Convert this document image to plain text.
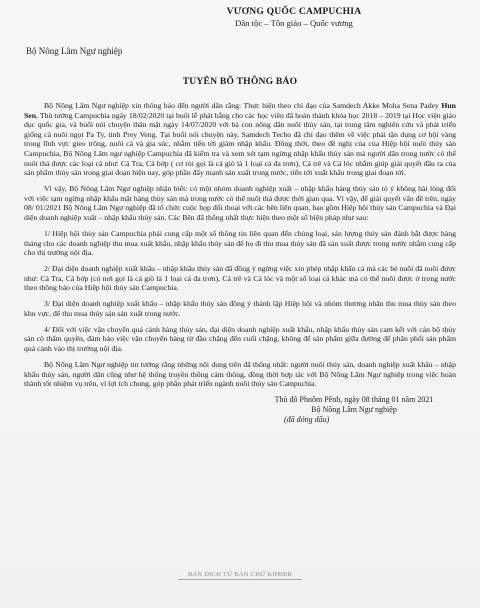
VƯƠNG QUỐC CAMPUCHIA
Dân tộc – Tôn giáo – Quốc vương
Bộ Nông Lâm Ngư nghiệp
TUYÊN BỐ THÔNG BÁO

Bộ Nông Lâm Ngư nghiệp xin thông báo đến người dân rằng: Thực hiện theo chỉ đạo của Samdech Akke Moha Sena Padey Hun Sen, Thủ tướng Campuchia ngày 18/02/2020 tại buổi lễ phát bằng cho các học viên đã hoàn thành khóa học 2018 – 2019 tại Học viện giáo dục quốc gia, và buổi nói chuyện thân mật ngày 14/07/2020 với bà con nông dân nuôi thủy sản, tại trung tâm nghiên cứu và phát triển giống cá nuôi ngọt Pa Ty, tỉnh Prey Veng. Tại buổi nói chuyện này, Samdech Techo đã chỉ đạo thêm về việc phải tận dụng cơ hội vàng trong lĩnh vực gieo trồng, nuôi cá và gia súc, nhằm tiến tới giảm nhập khẩu. Đồng thời, theo đề nghị của của Hiệp hội nuôi thủy sản Campuchia, Bộ Nông Lâm ngư nghiệp Campuchia đã kiểm tra và xem xét tạm ngừng nhập khẩu thủy sản mà người dân trong nước có thể nuôi thả được các loại cá như: Cá Tra, Cá bớp ( cơ ròi gọi là cá giò là 1 loại cá đa trơn), Cá trê và Cá lóc nhằm giúp giải quyết đầu ra của sản phẩm thủy sản trong giai đoạn hiện nay, góp phần đẩy mạnh sản xuất trong nước, tiến tới xuất khẩu trong giai đoạn tới.

Vì vậy, Bộ Nông Lâm Ngư nghiệp nhận biết: có một nhóm doanh nghiệp xuất – nhập khẩu hàng thủy sản tỏ ý không hài lòng đối với việc tạm ngừng nhập khẩu mặt hàng thủy sản mà trong nước có thể nuôi thả được thời gian qua. Vì vậy, để giải quyết vấn đề trên, ngày 08/ 01/2021 Bộ Nông Lâm Ngư nghiệp đã tổ chức cuộc họp đối thoại với các bên liên quan, bao gồm Hiệp hội thủy sản Campuchia và Đại diện doanh nghiệp xuất – nhập khẩu thủy sản. Các Bên đã thống nhất thực hiện theo một số biện pháp như sau:

1/ Hiệp hội thủy sản Campuchia phải cung cấp một số thông tin liên quan đến chủng loại, sản lượng thủy sản đánh bắt được hàng tháng cho các doanh nghiệp thu mua xuất khẩu, nhập khẩu thủy sản để họ đi thu mua thủy sản đã sản xuất được trong nước nhằm cung cấp cho thị trường nội địa.

2/ Đại diện doanh nghiệp xuất khẩu – nhập khẩu thủy sản đã đồng ý ngừng việc xin phép nhập khẩu cá mà các bè nuôi đã nuôi được như: Cá Tra, Cá bớp (có nơi gọi là cá giò là 1 loại cá đa trơn), Cá trê và Cá lóc và một số loại cá khác mà có thể nuôi được ở trong nước theo thông báo của Hiệp hội thủy sản Campuchia.

3/ Đại diện doanh nghiệp xuất khẩu – nhập khẩu thủy sản đồng ý thành lập Hiệp hội và nhóm thương nhân thu mua thủy sản theo khu vực, để thu mua thủy sản sản xuất trong nước.

4/ Đối với việc vận chuyển quá cảnh hàng thủy sản, đại diện doanh nghiệp xuất khẩu, nhập khẩu thủy sản cam kết với cán bộ thủy sản có thẩm quyền, đảm bảo việc vận chuyển hàng từ đầu chặng đến cuối chặng, không để sản phẩm giữa đường để phân phối sản phẩm quá cảnh vào thị trường nội địa.

Bộ Nông Lâm Ngư nghiệp tin tưởng rằng những nội dung trên đã thống nhất: người nuôi thủy sản, doanh nghiệp xuất khẩu – nhập khẩu thủy sản, người dân cũng như hệ thống truyền thông cảm thông, đồng thời hợp tác với Bộ Nông Lâm Ngư nghiệp trong việc hoàn thành tốt nhiệm vụ trên, vì lợi ích chung, góp phần phát triển ngành nuôi thủy sản Campuchia.

Thủ đô Phnôm Pênh, ngày 08 tháng 01 năm 2021
Bộ Nông Lâm Ngư nghiệp
(đã đóng dấu)
BẢN DỊCH TỪ BẢN CHỮ KHMER
